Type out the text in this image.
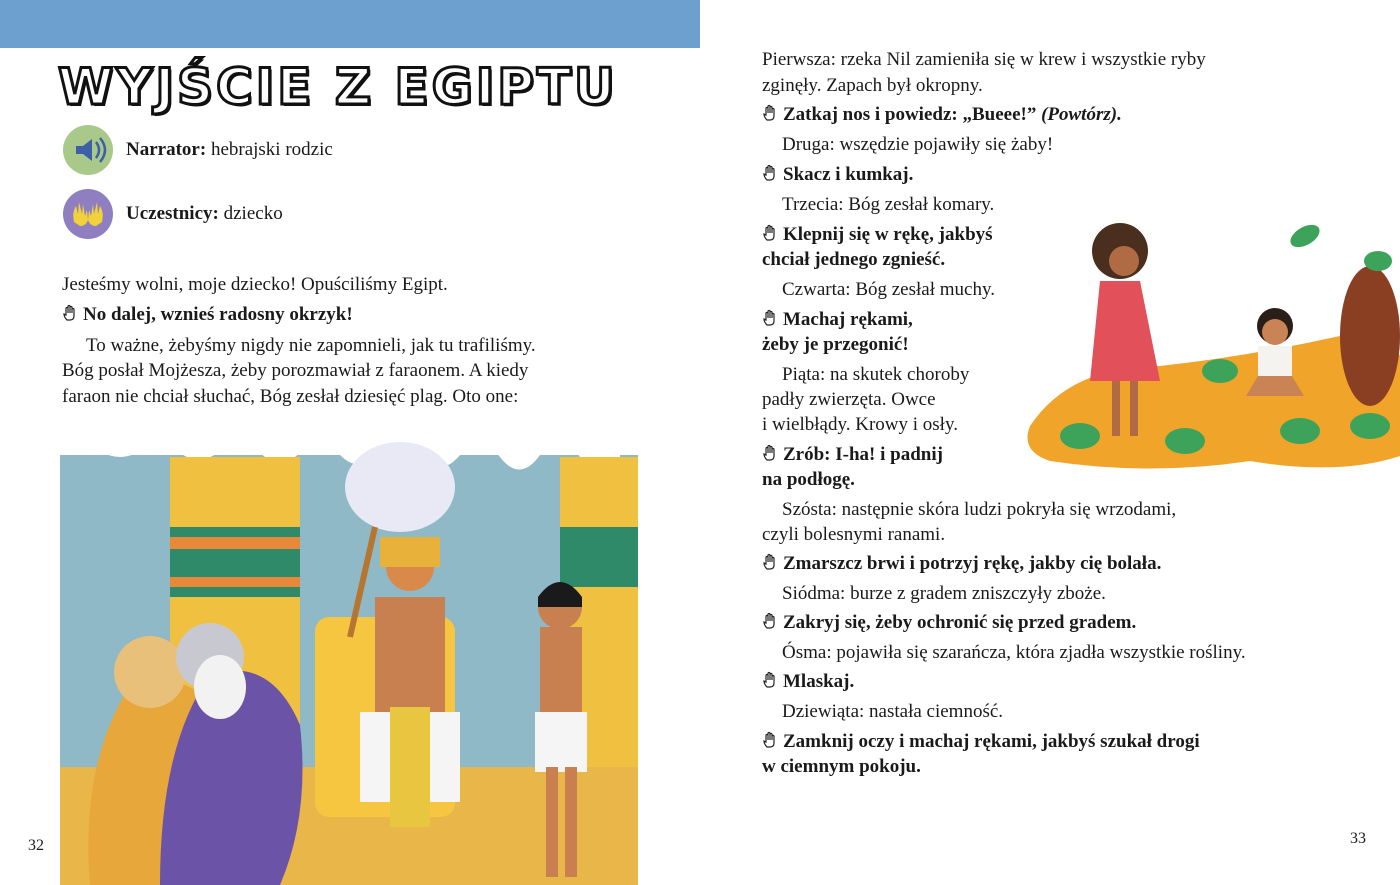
WYJŚCIE Z EGIPTU
Narrator: hebrajski rodzic
Uczestnicy: dziecko
Jesteśmy wolni, moje dziecko! Opuściliśmy Egipt.
No dalej, wznieś radosny okrzyk!
To ważne, żebyśmy nigdy nie zapomnieli, jak tu trafiliśmy.
Bóg posłał Mojżesza, żeby porozmawiał z faraonem. A kiedy
faraon nie chciał słuchać, Bóg zesłał dziesięć plag. Oto one:
32
Pierwsza: rzeka Nil zamieniła się w krew i wszystkie ryby
zginęły. Zapach był okropny.
Zatkaj nos i powiedz: „Bueee!” (Powtórz).
Druga: wszędzie pojawiły się żaby!
Skacz i kumkaj.
Trzecia: Bóg zesłał komary.
Klepnij się w rękę, jakbyś
chciał jednego zgnieść.
Czwarta: Bóg zesłał muchy.
Machaj rękami,
żeby je przegonić!
Piąta: na skutek choroby
padły zwierzęta. Owce
i wielbłądy. Krowy i osły.
Zrób: I-ha! i padnij
na podłogę.
Szósta: następnie skóra ludzi pokryła się wrzodami,
czyli bolesnymi ranami.
Zmarszcz brwi i potrzyj rękę, jakby cię bolała.
Siódma: burze z gradem zniszczyły zboże.
Zakryj się, żeby ochronić się przed gradem.
Ósma: pojawiła się szarańcza, która zjadła wszystkie rośliny.
Mlaskaj.
Dziewiąta: nastała ciemność.
Zamknij oczy i machaj rękami, jakbyś szukał drogi
w ciemnym pokoju.
33
